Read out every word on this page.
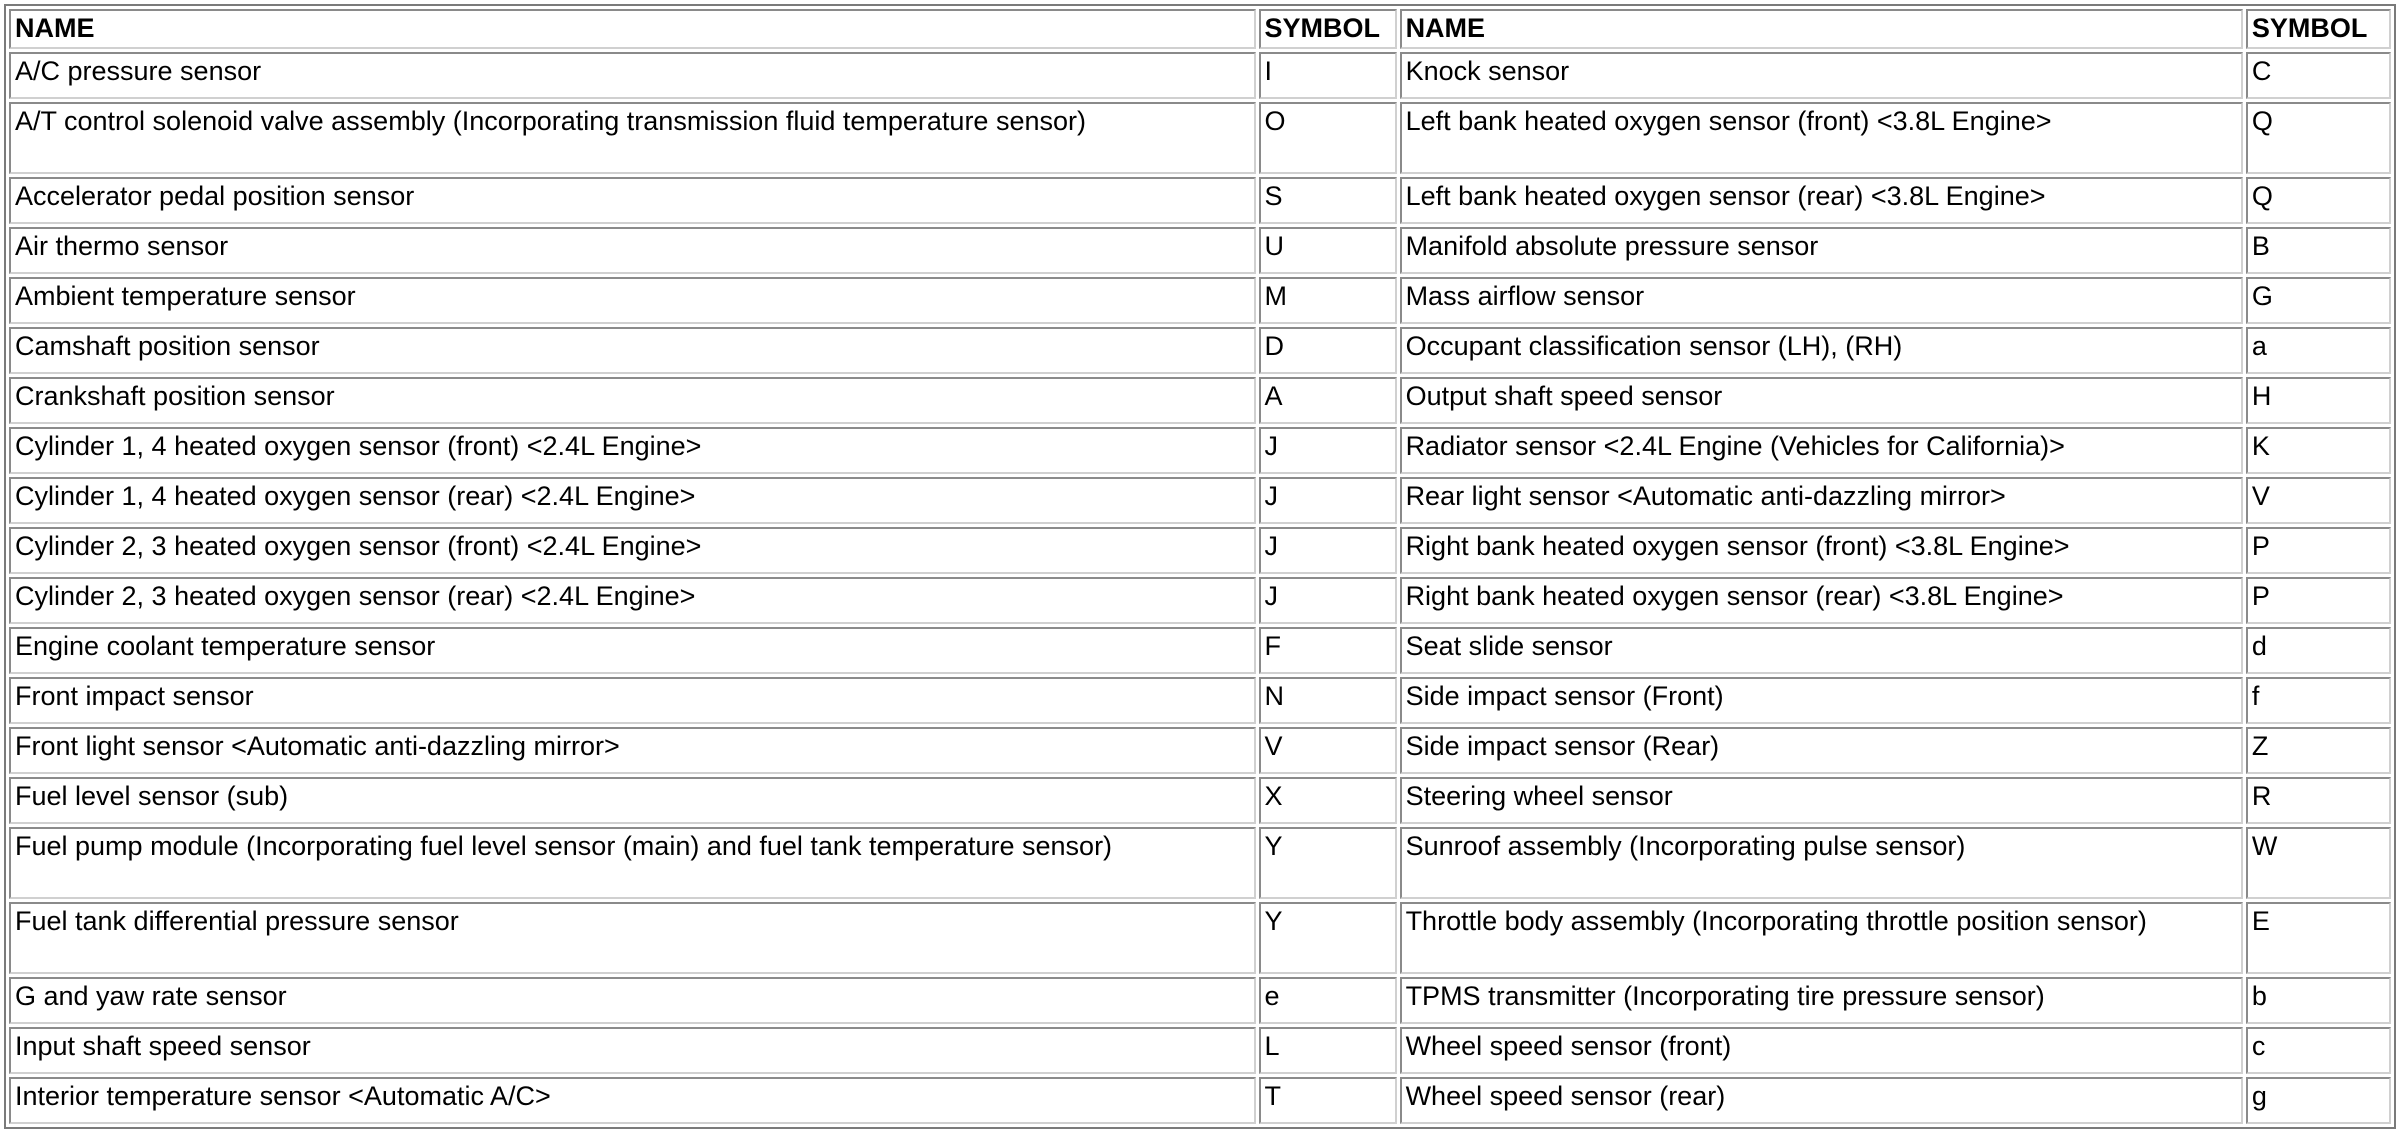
NAME	SYMBOL	NAME	SYMBOL
A/C pressure sensor	I	Knock sensor	C
A/T control solenoid valve assembly (Incorporating transmission fluid temperature sensor)	O	Left bank heated oxygen sensor (front) <3.8L Engine>	Q
Accelerator pedal position sensor	S	Left bank heated oxygen sensor (rear) <3.8L Engine>	Q
Air thermo sensor	U	Manifold absolute pressure sensor	B
Ambient temperature sensor	M	Mass airflow sensor	G
Camshaft position sensor	D	Occupant classification sensor (LH), (RH)	a
Crankshaft position sensor	A	Output shaft speed sensor	H
Cylinder 1, 4 heated oxygen sensor (front) <2.4L Engine>	J	Radiator sensor <2.4L Engine (Vehicles for California)>	K
Cylinder 1, 4 heated oxygen sensor (rear) <2.4L Engine>	J	Rear light sensor <Automatic anti-dazzling mirror>	V
Cylinder 2, 3 heated oxygen sensor (front) <2.4L Engine>	J	Right bank heated oxygen sensor (front) <3.8L Engine>	P
Cylinder 2, 3 heated oxygen sensor (rear) <2.4L Engine>	J	Right bank heated oxygen sensor (rear) <3.8L Engine>	P
Engine coolant temperature sensor	F	Seat slide sensor	d
Front impact sensor	N	Side impact sensor (Front)	f
Front light sensor <Automatic anti-dazzling mirror>	V	Side impact sensor (Rear)	Z
Fuel level sensor (sub)	X	Steering wheel sensor	R
Fuel pump module (Incorporating fuel level sensor (main) and fuel tank temperature sensor)	Y	Sunroof assembly (Incorporating pulse sensor)	W
Fuel tank differential pressure sensor	Y	Throttle body assembly (Incorporating throttle position sensor)	E
G and yaw rate sensor	e	TPMS transmitter (Incorporating tire pressure sensor)	b
Input shaft speed sensor	L	Wheel speed sensor (front)	c
Interior temperature sensor <Automatic A/C>	T	Wheel speed sensor (rear)	g
